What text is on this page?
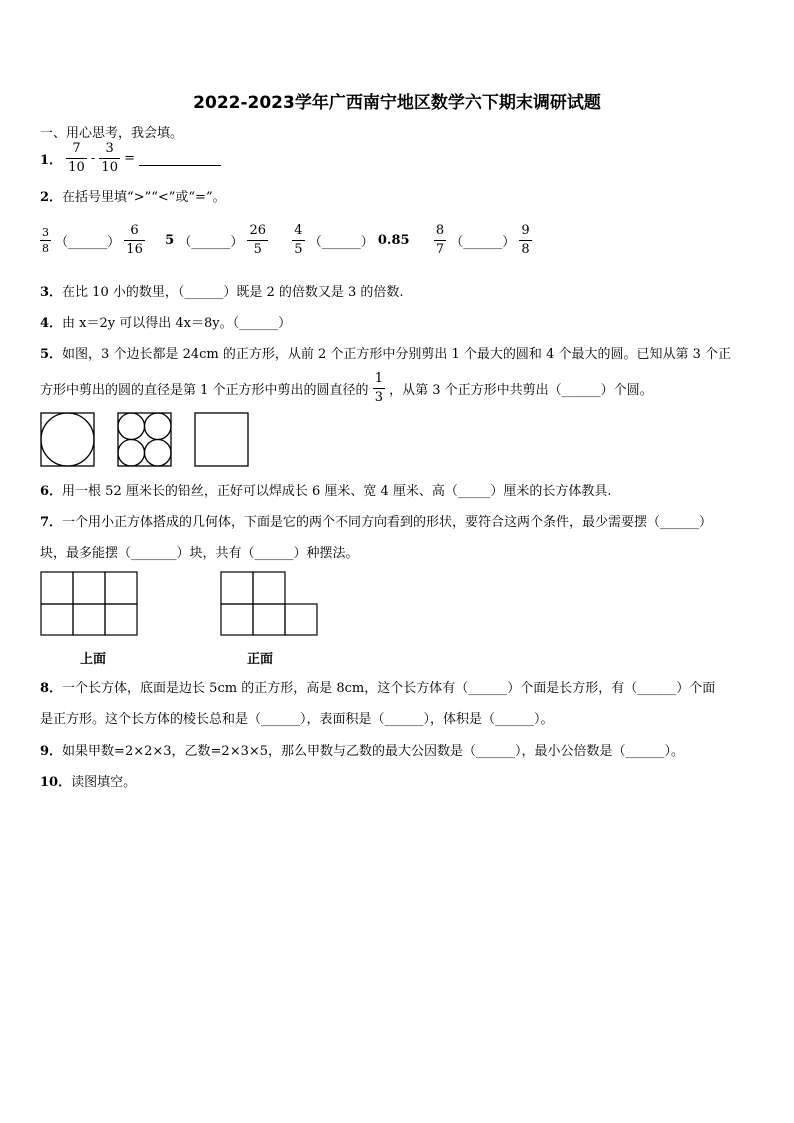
2022-2023学年广西南宁地区数学六下期末调研试题
一、用心思考，我会填。
1． $\frac{7}{10} - \frac{3}{10}$ =
2．在括号里填“>”“<”或“=”。
$\frac{3}{8}$ （______） $\frac{6}{16} 5$ （______） $\frac{26}{5}$
$\frac{4}{5}$ （______） $0.85 \frac{8}{7}$ （______） $\frac{9}{8}$
3．在比 10 小的数里，（______）既是 2 的倍数又是 3 的倍数.
4．由 x＝2y 可以得出 4x＝8y。（______）
5．如图，3 个边长都是 24cm 的正方形，从前 2 个正方形中分别剪出 1 个最大的圆和 4 个最大的圆。已知从第 3 个正
方形中剪出的圆的直径是第 1 个正方形中剪出的圆直径的 $\frac{1}{3}$ ，从第 3 个正方形中共剪出（______）个圆。
6．用一根 52 厘米长的铅丝，正好可以焊成长 6 厘米、宽 4 厘米、高（_____）厘米的长方体教具.
7．一个用小正方体搭成的几何体，下面是它的两个不同方向看到的形状，要符合这两个条件，最少需要摆（______）
块，最多能摆（_______）块，共有（______）种摆法。
上面	正面
8．一个长方体，底面是边长 5cm 的正方形，高是 8cm，这个长方体有（______）个面是长方形，有（______）个面
是正方形。这个长方体的棱长总和是（______），表面积是（______），体积是（______）。
9．如果甲数=2×2×3，乙数=2×3×5，那么甲数与乙数的最大公因数是（______），最小公倍数是（______）。
10．读图填空。
